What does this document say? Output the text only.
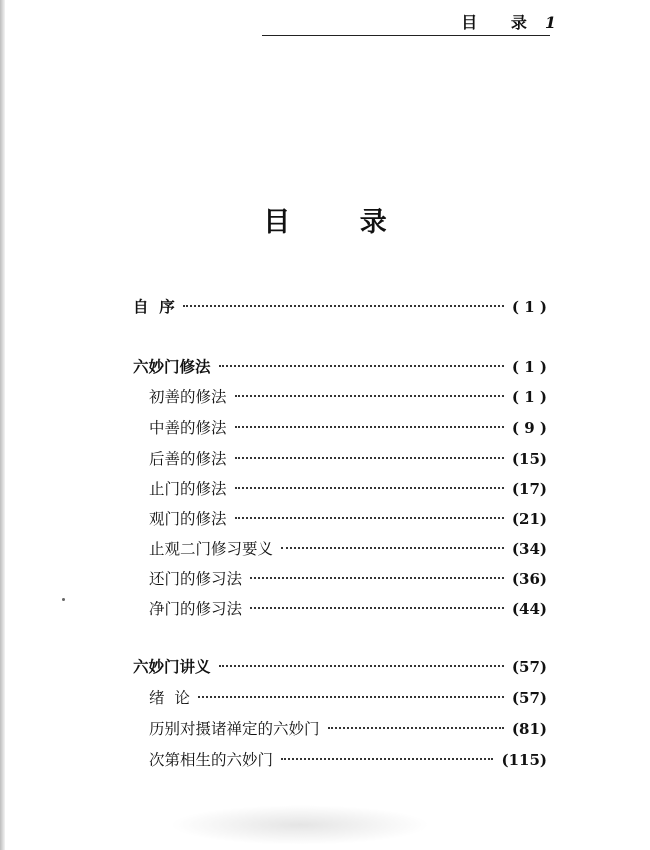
目 录 1
目 录
自  序	( 1 )
六妙门修法	( 1 )
初善的修法	( 1 )
中善的修法	( 9 )
后善的修法	(15)
止门的修法	(17)
观门的修法	(21)
止观二门修习要义	(34)
还门的修习法	(36)
净门的修习法	(44)
六妙门讲义	(57)
绪  论	(57)
历别对摄诸禅定的六妙门	(81)
次第相生的六妙门	(115)
